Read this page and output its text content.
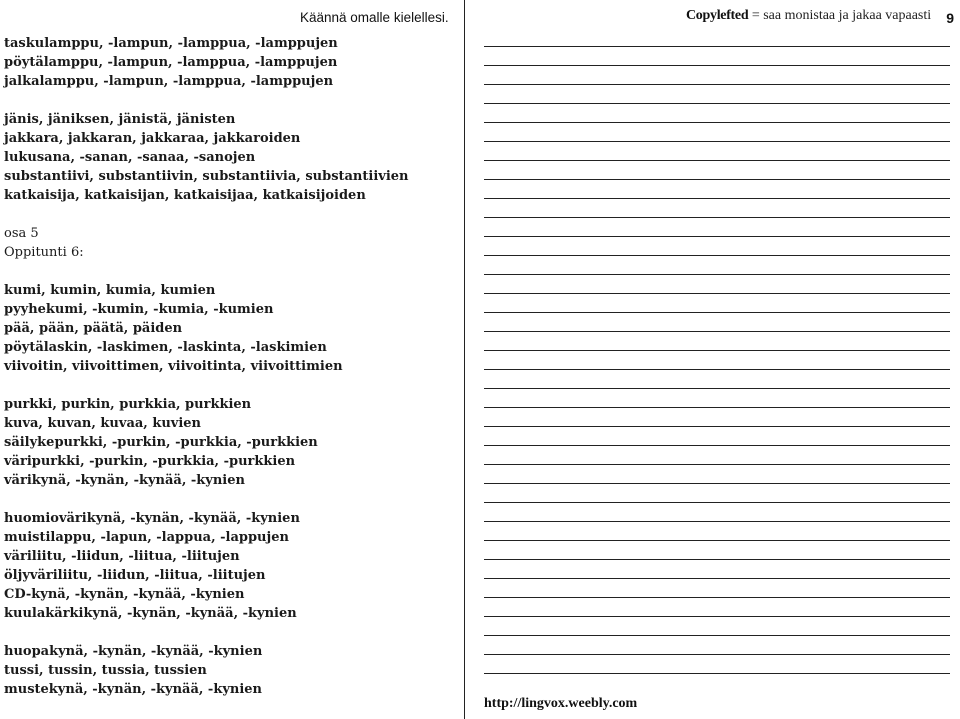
Käännä omalle kielellesi.
taskulamppu, -lampun, -lamppua, -lamppujen
pöytälamppu, -lampun, -lamppua, -lamppujen
jalkalamppu, -lampun, -lamppua, -lamppujen
jänis, jäniksen, jänistä, jänisten
jakkara, jakkaran, jakkaraa, jakkaroiden
lukusana, -sanan, -sanaa, -sanojen
substantiivi, substantiivin, substantiivia, substantiivien
katkaisija, katkaisijan, katkaisijaa, katkaisijoiden
osa 5
Oppitunti 6:
kumi, kumin, kumia, kumien
pyyhekumi, -kumin, -kumia, -kumien
pää, pään, päätä, päiden
pöytälaskin, -laskimen, -laskinta, -laskimien
viivoitin, viivoittimen, viivoitinta, viivoittimien
purkki, purkin, purkkia, purkkien
kuva, kuvan, kuvaa, kuvien
säilykepurkki, -purkin, -purkkia, -purkkien
väripurkki, -purkin, -purkkia, -purkkien
värikynä, -kynän, -kynää, -kynien
huomiovärikynä, -kynän, -kynää, -kynien
muistilappu, -lapun, -lappua, -lappujen
väriliitu, -liidun, -liitua, -liitujen
öljyväriliitu, -liidun, -liitua, -liitujen
CD-kynä, -kynän, -kynää, -kynien
kuulakärkikynä, -kynän, -kynää, -kynien
huopakynä, -kynän, -kynää, -kynien
tussi, tussin, tussia, tussien
mustekynä, -kynän, -kynää, -kynien
Copylefted = saa monistaa ja jakaa vapaasti 9
http://lingvox.weebly.com
